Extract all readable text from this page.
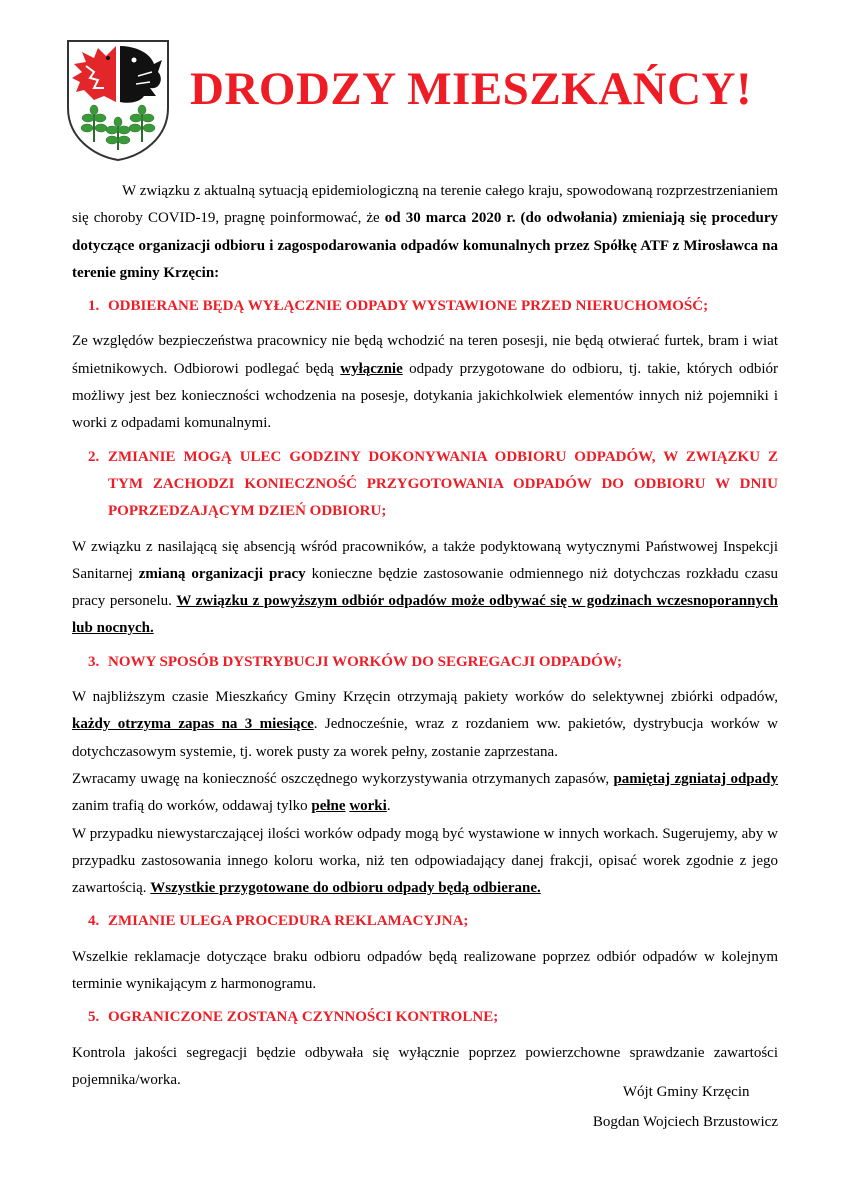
DRODZY MIESZKAŃCY!

W związku z aktualną sytuacją epidemiologiczną na terenie całego kraju, spowodowaną rozprzestrzenianiem się choroby COVID-19, pragnę poinformować, że od 30 marca 2020 r. (do odwołania) zmieniają się procedury dotyczące organizacji odbioru i zagospodarowania odpadów komunalnych przez Spółkę ATF z Mirosławca na terenie gminy Krzęcin:

1. ODBIERANE BĘDĄ WYŁĄCZNIE ODPADY WYSTAWIONE PRZED NIERUCHOMOŚĆ;

Ze względów bezpieczeństwa pracownicy nie będą wchodzić na teren posesji, nie będą otwierać furtek, bram i wiat śmietnikowych. Odbiorowi podlegać będą wyłącznie odpady przygotowane do odbioru, tj. takie, których odbiór możliwy jest bez konieczności wchodzenia na posesje, dotykania jakichkolwiek elementów innych niż pojemniki i worki z odpadami komunalnymi.

2. ZMIANIE MOGĄ ULEC GODZINY DOKONYWANIA ODBIORU ODPADÓW, W ZWIĄZKU Z TYM ZACHODZI KONIECZNOŚĆ PRZYGOTOWANIA ODPADÓW DO ODBIORU W DNIU POPRZEDZAJĄCYM DZIEŃ ODBIORU;

W związku z nasilającą się absencją wśród pracowników, a także podyktowaną wytycznymi Państwowej Inspekcji Sanitarnej zmianą organizacji pracy konieczne będzie zastosowanie odmiennego niż dotychczas rozkładu czasu pracy personelu. W związku z powyższym odbiór odpadów może odbywać się w godzinach wczesnoporannych lub nocnych.

3. NOWY SPOSÓB DYSTRYBUCJI WORKÓW DO SEGREGACJI ODPADÓW;

W najbliższym czasie Mieszkańcy Gminy Krzęcin otrzymają pakiety worków do selektywnej zbiórki odpadów, każdy otrzyma zapas na 3 miesiące. Jednocześnie, wraz z rozdaniem ww. pakietów, dystrybucja worków w dotychczasowym systemie, tj. worek pusty za worek pełny, zostanie zaprzestana.

Zwracamy uwagę na konieczność oszczędnego wykorzystywania otrzymanych zapasów, pamiętaj zgniataj odpady zanim trafią do worków, oddawaj tylko pełne worki.

W przypadku niewystarczającej ilości worków odpady mogą być wystawione w innych workach. Sugerujemy, aby w przypadku zastosowania innego koloru worka, niż ten odpowiadający danej frakcji, opisać worek zgodnie z jego zawartością. Wszystkie przygotowane do odbioru odpady będą odbierane.

4. ZMIANIE ULEGA PROCEDURA REKLAMACYJNA;

Wszelkie reklamacje dotyczące braku odbioru odpadów będą realizowane poprzez odbiór odpadów w kolejnym terminie wynikającym z harmonogramu.

5. OGRANICZONE ZOSTANĄ CZYNNOŚCI KONTROLNE;

Kontrola jakości segregacji będzie odbywała się wyłącznie poprzez powierzchowne sprawdzanie zawartości pojemnika/worka.

Wójt Gminy Krzęcin
Bogdan Wojciech Brzustowicz
